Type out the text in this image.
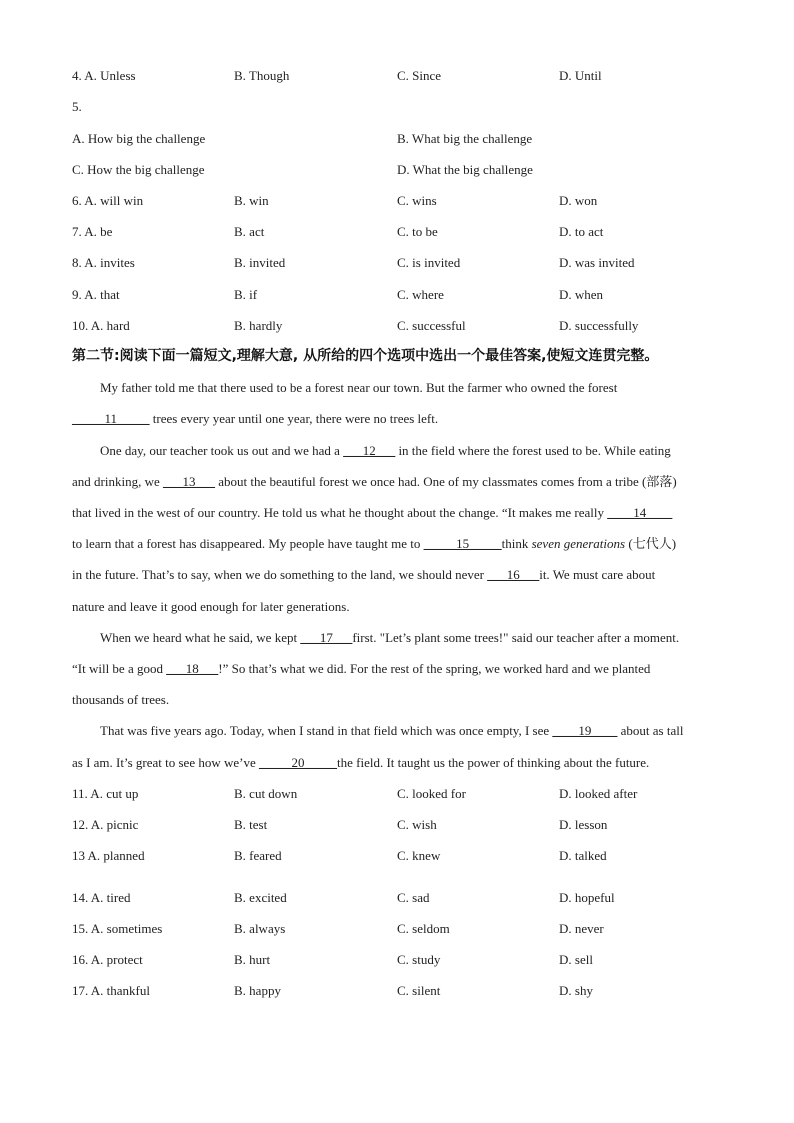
4. A. Unless	B. Though	C. Since	D. Until
5.
A. How big the challenge	B. What big the challenge
C. How the big challenge	D. What the big challenge
6. A. will win	B. win	C. wins	D. won
7. A. be	B. act	C. to be	D. to act
8. A. invites	B. invited	C. is invited	D. was invited
9. A. that	B. if	C. where	D. when
10. A. hard	B. hardly	C. successful	D. successfully
第二节:阅读下面一篇短文,理解大意, 从所给的四个选项中选出一个最佳答案,使短文连贯完整。
My father told me that there used to be a forest near our town. But the farmer who owned the forest
_____11_____ trees every year until one year, there were no trees left.
One day, our teacher took us out and we had a ___12___ in the field where the forest used to be. While eating
and drinking, we ___13___ about the beautiful forest we once had. One of my classmates comes from a tribe (部落)
that lived in the west of our country. He told us what he thought about the change. “It makes me really ____14____
to learn that a forest has disappeared. My people have taught me to _____15_____think seven generations (七代人)
in the future. That’s to say, when we do something to the land, we should never ___16___it. We must care about
nature and leave it good enough for later generations.
When we heard what he said, we kept ___17___first. "Let’s plant some trees!" said our teacher after a moment.
“It will be a good ___18___!” So that’s what we did. For the rest of the spring, we worked hard and we planted
thousands of trees.
That was five years ago. Today, when I stand in that field which was once empty, I see ____19____ about as tall
as I am. It’s great to see how we’ve _____20_____the field. It taught us the power of thinking about the future.
11. A. cut up	B. cut down	C. looked for	D. looked after
12. A. picnic	B. test	C. wish	D. lesson
13 A. planned	B. feared	C. knew	D. talked
14. A. tired	B. excited	C. sad	D. hopeful
15. A. sometimes	B. always	C. seldom	D. never
16. A. protect	B. hurt	C. study	D. sell
17. A. thankful	B. happy	C. silent	D. shy
